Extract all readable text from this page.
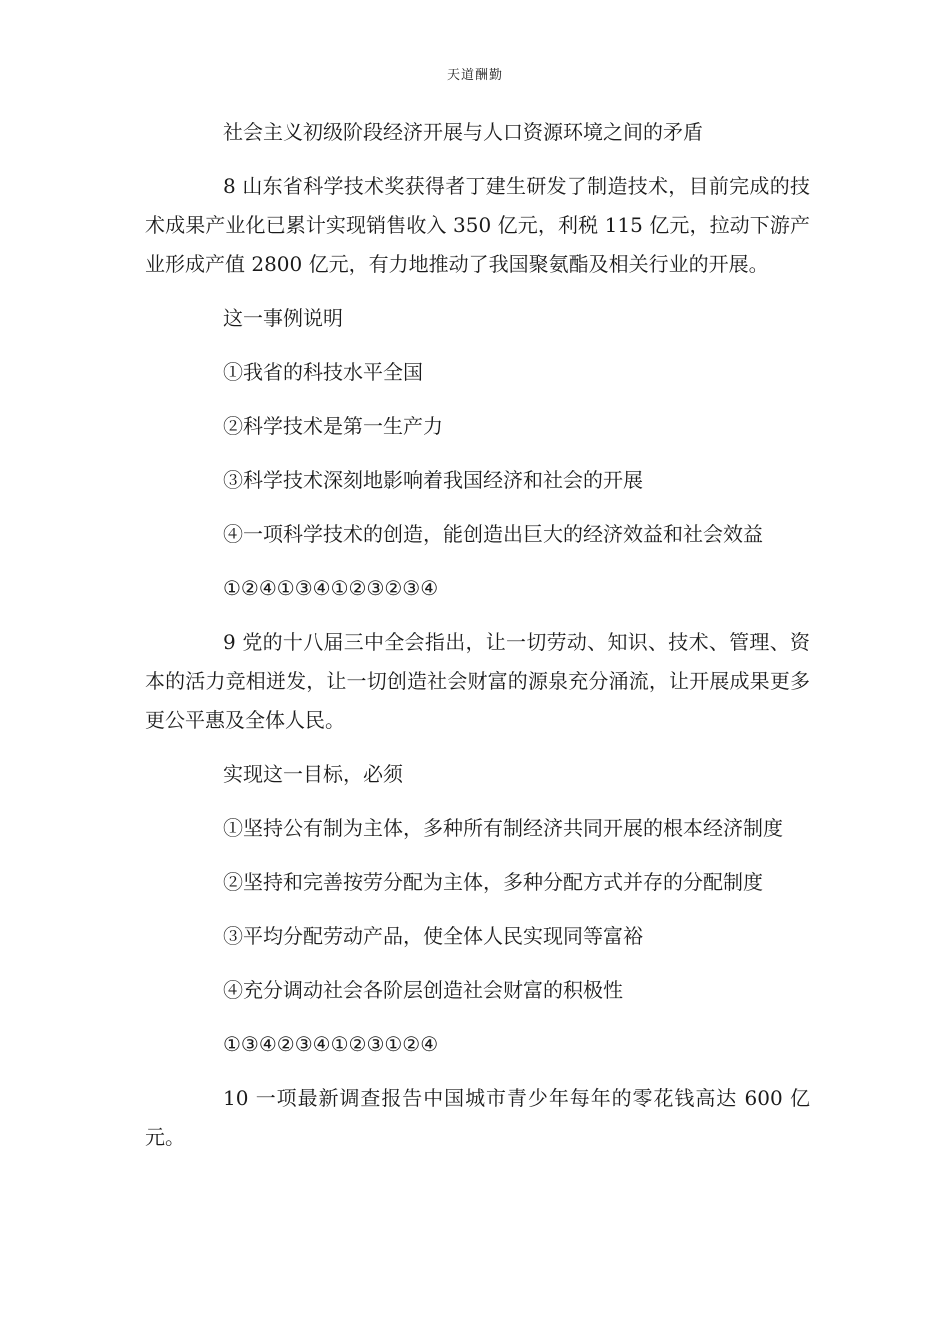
天道酬勤

社会主义初级阶段经济开展与人口资源环境之间的矛盾

8 山东省科学技术奖获得者丁建生研发了制造技术，目前完成的技术成果产业化已累计实现销售收入 350 亿元，利税 115 亿元，拉动下游产业形成产值 2800 亿元，有力地推动了我国聚氨酯及相关行业的开展。

这一事例说明

①我省的科技水平全国

②科学技术是第一生产力

③科学技术深刻地影响着我国经济和社会的开展

④一项科学技术的创造，能创造出巨大的经济效益和社会效益

①②④①③④①②③②③④

9 党的十八届三中全会指出，让一切劳动、知识、技术、管理、资本的活力竞相迸发，让一切创造社会财富的源泉充分涌流，让开展成果更多更公平惠及全体人民。

实现这一目标，必须

①坚持公有制为主体，多种所有制经济共同开展的根本经济制度

②坚持和完善按劳分配为主体，多种分配方式并存的分配制度

③平均分配劳动产品，使全体人民实现同等富裕

④充分调动社会各阶层创造社会财富的积极性

①③④②③④①②③①②④

10 一项最新调查报告中国城市青少年每年的零花钱高达 600 亿元。
